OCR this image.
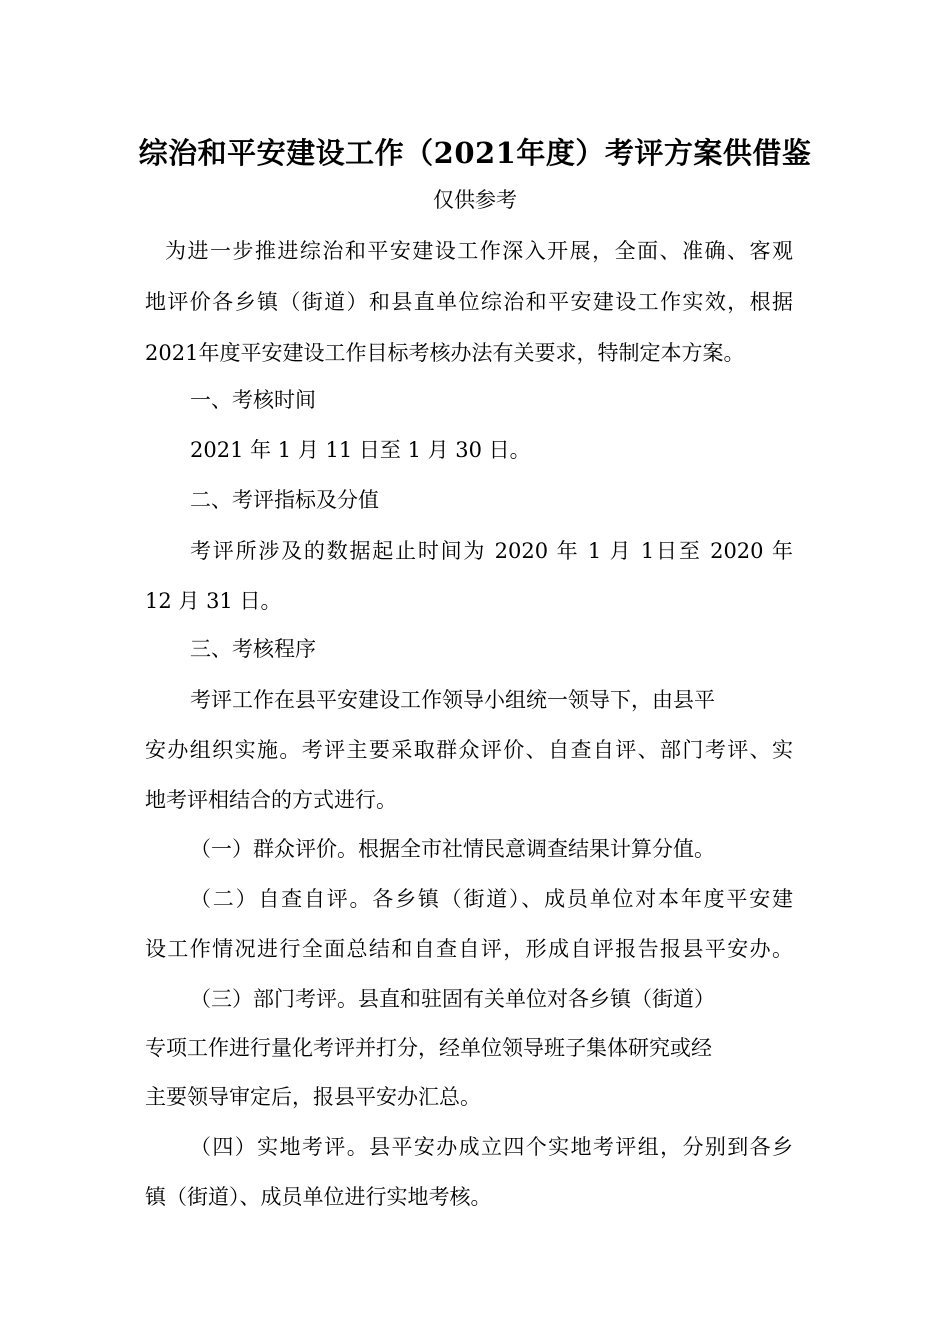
综治和平安建设工作（2021年度）考评方案供借鉴
仅供参考
为进一步推进综治和平安建设工作深入开展，全面、准确、客观
地评价各乡镇（街道）和县直单位综治和平安建设工作实效，根据
2021年度平安建设工作目标考核办法有关要求，特制定本方案。
一、考核时间
2021 年 1 月 11 日至 1 月 30 日。
二、考评指标及分值
考评所涉及的数据起止时间为 2020 年 1 月 1日至 2020 年
12 月 31 日。
三、考核程序
考评工作在县平安建设工作领导小组统一领导下，由县平
安办组织实施。考评主要采取群众评价、自查自评、部门考评、实
地考评相结合的方式进行。
（一）群众评价。根据全市社情民意调查结果计算分值。
（二）自查自评。各乡镇（街道）、成员单位对本年度平安建
设工作情况进行全面总结和自查自评，形成自评报告报县平安办。
（三）部门考评。县直和驻固有关单位对各乡镇（街道）
专项工作进行量化考评并打分，经单位领导班子集体研究或经
主要领导审定后，报县平安办汇总。
（四）实地考评。县平安办成立四个实地考评组，分别到各乡
镇（街道）、成员单位进行实地考核。
